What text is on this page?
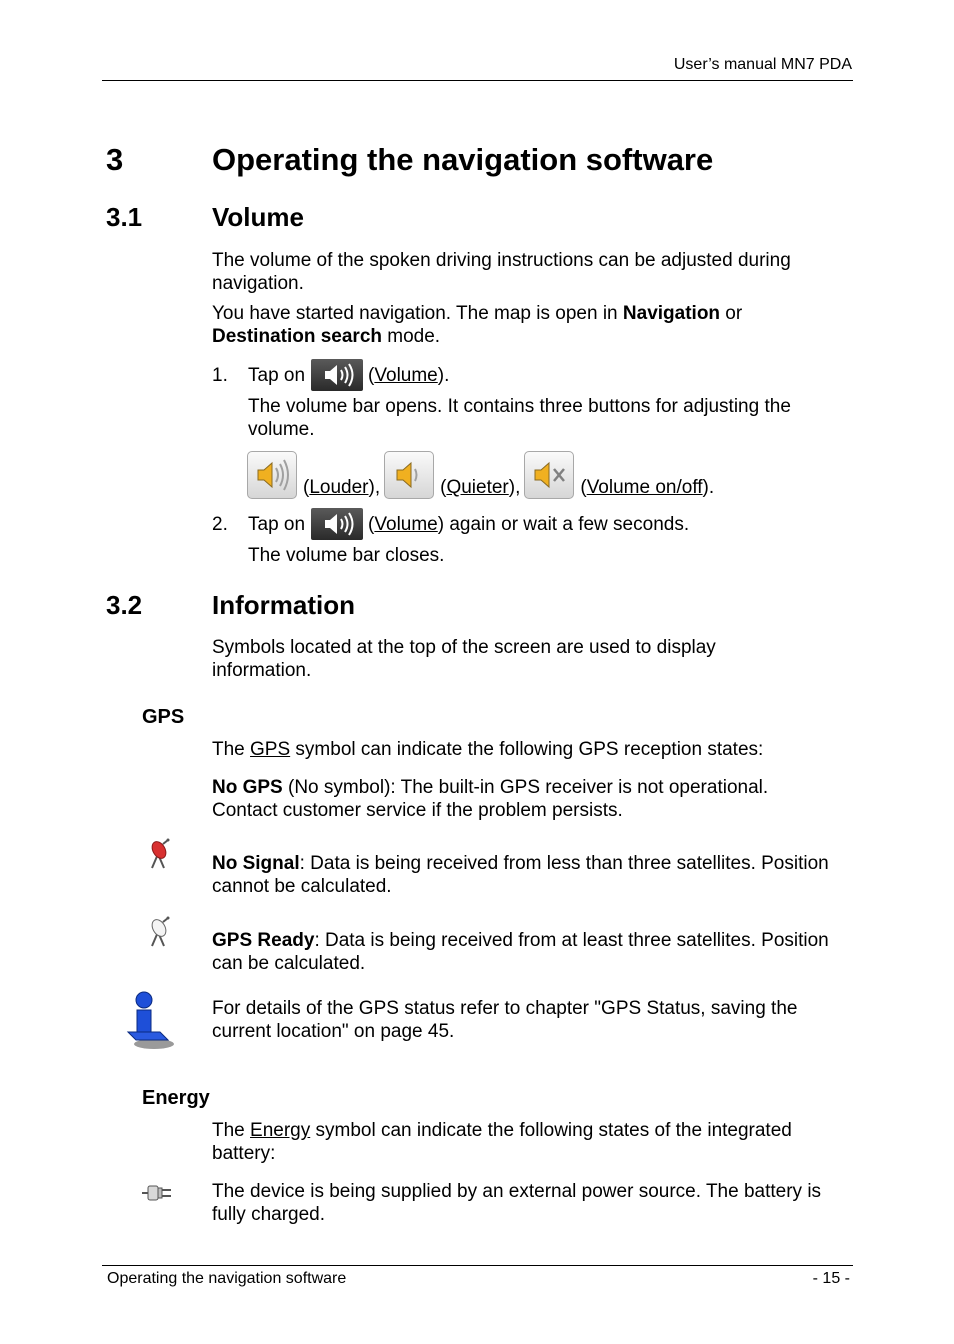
User’s manual MN7 PDA
3	Operating the navigation software
3.1	Volume
The volume of the spoken driving instructions can be adjusted during navigation.
You have started navigation. The map is open in Navigation or
Destination search mode.
1. Tap on	( Volume ).
The volume bar opens. It contains three buttons for adjusting the volume.
(Louder),	(Quieter),	(Volume on/off).
2. Tap on	( Volume ) again or wait a few seconds.
The volume bar closes.
3.2	Information
Symbols located at the top of the screen are used to display information.
GPS
The GPS symbol can indicate the following GPS reception states:
No GPS (No symbol): The built-in GPS receiver is not operational. Contact customer service if the problem persists.
No Signal: Data is being received from less than three satellites. Position cannot be calculated.
GPS Ready: Data is being received from at least three satellites. Position can be calculated.
For details of the GPS status refer to chapter "GPS Status, saving the current location" on page 45.
Energy
The Energy symbol can indicate the following states of the integrated battery:
The device is being supplied by an external power source. The battery is fully charged.
Operating the navigation software	- 15 -
